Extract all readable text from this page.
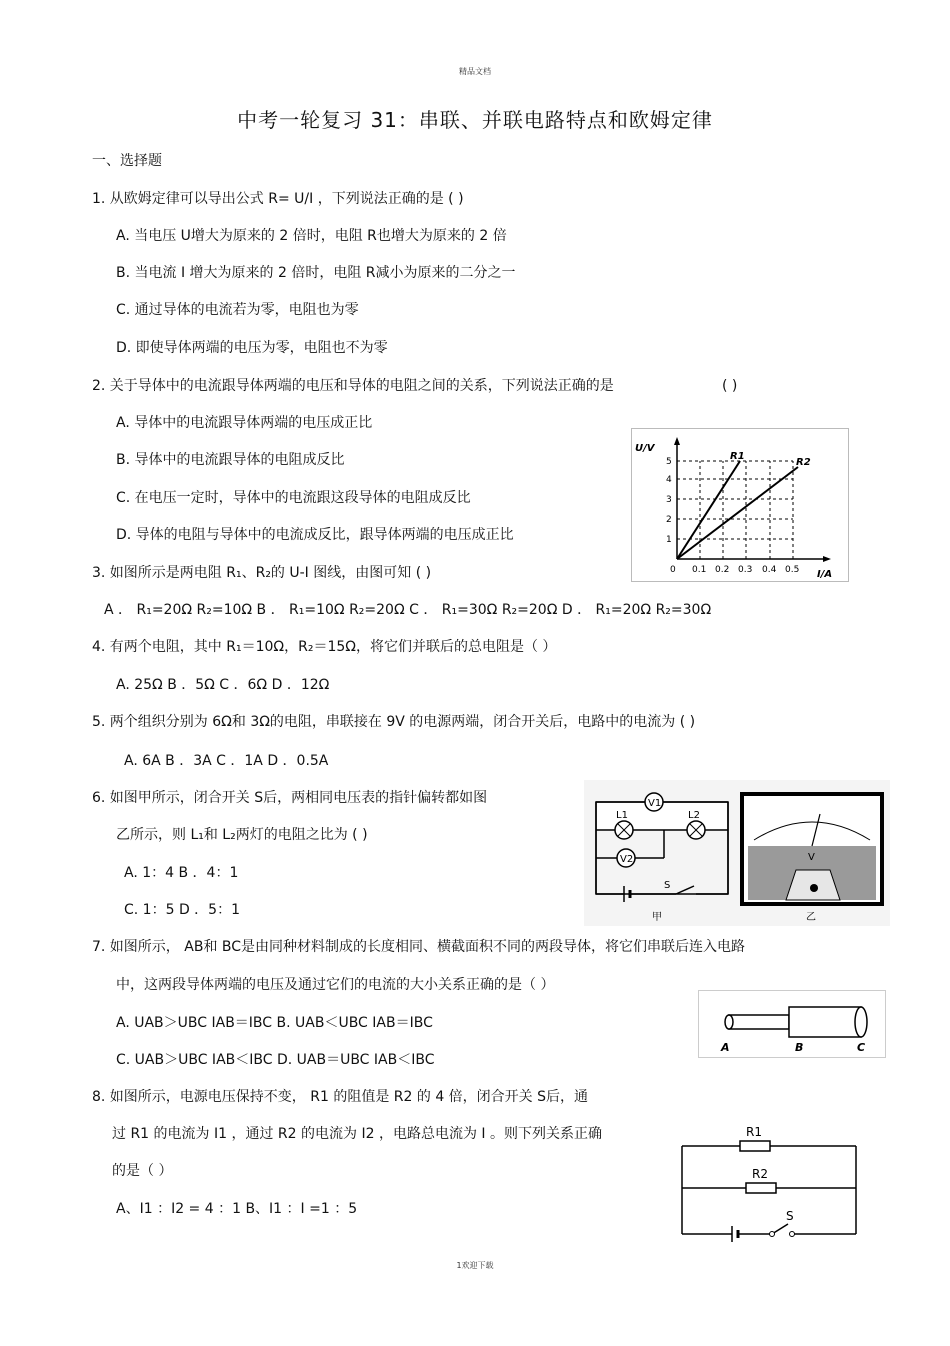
精品文档
中考一轮复习 31：串联、并联电路特点和欧姆定律
一、选择题
1. 从欧姆定律可以导出公式 R= U/I ，下列说法正确的是 ( )
A. 当电压 U增大为原来的 2 倍时，电阻 R也增大为原来的 2 倍
B. 当电流 I 增大为原来的 2 倍时，电阻 R减小为原来的二分之一
C. 通过导体的电流若为零，电阻也为零
D. 即使导体两端的电压为零，电阻也不为零
2. 关于导体中的电流跟导体两端的电压和导体的电阻之间的关系，下列说法正确的是	( )
A. 导体中的电流跟导体两端的电压成正比
B. 导体中的电流跟导体的电阻成反比
C. 在电压一定时，导体中的电流跟这段导体的电阻成反比
D. 导体的电阻与导体中的电流成反比，跟导体两端的电压成正比
U/V
I/A
R1
R2
1
2
3
4
5
0 0.1 0.2 0.3 0.4 0.5
3. 如图所示是两电阻 R₁、R₂的 U-I 图线，由图可知 ( )
A ． R₁=20Ω R₂=10Ω B ． R₁=10Ω R₂=20Ω C ． R₁=30Ω R₂=20Ω D ． R₁=20Ω R₂=30Ω
4. 有两个电阻，其中 R₁＝10Ω，R₂＝15Ω，将它们并联后的总电阻是（ ）
A. 25Ω B ．5Ω C ．6Ω D ．12Ω
5. 两个组织分别为 6Ω和 3Ω的电阻，串联接在 9V 的电源两端，闭合开关后，电路中的电流为 ( )
A. 6A B ．3A C ．1A D ．0.5A
6. 如图甲所示，闭合开关 S后，两相同电压表的指针偏转都如图
乙所示，则 L₁和 L₂两灯的电阻之比为 ( )
A. 1：4 B ．4：1
C. 1：5 D ．5：1
V1
V2
L1	L2
S
甲
V
乙
7. 如图所示， AB和 BC是由同种材料制成的长度相同、横截面积不同的两段导体，将它们串联后连入电路
中，这两段导体两端的电压及通过它们的电流的大小关系正确的是（ ）
A. UAB＞UBC IAB＝IBC B. UAB＜UBC IAB＝IBC
C. UAB＞UBC IAB＜IBC D. UAB＝UBC IAB＜IBC
A	B	C
8. 如图所示，电源电压保持不变， R1 的阻值是 R2 的 4 倍，闭合开关 S后，通
过 R1 的电流为 I1 ，通过 R2 的电流为 I2 ，电路总电流为 I 。则下列关系正确
的是（ ）
A、I1 ：I2 = 4 ：1 B、I1 ：I =1 ：5
R1
R2
S
1欢迎下载
